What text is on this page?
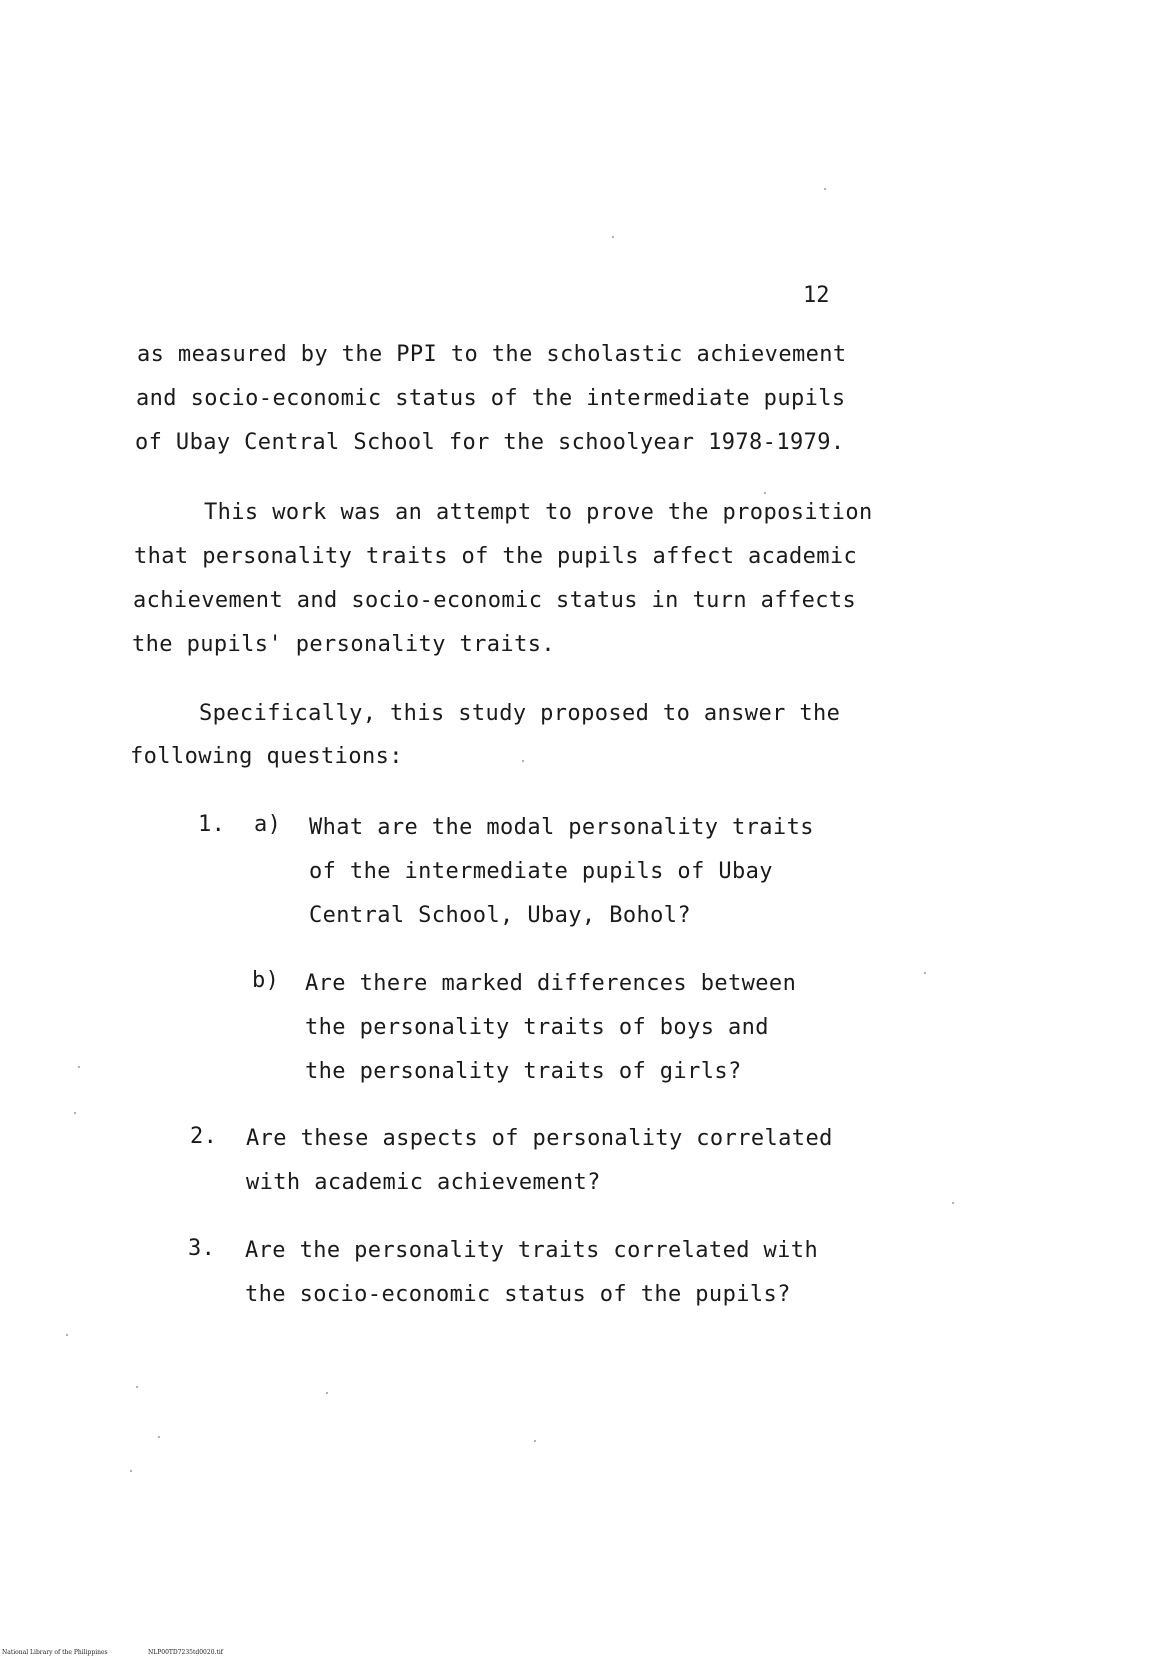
12
as measured by the PPI to the scholastic achievement
and socio-economic status of the intermediate pupils
of Ubay Central School for the schoolyear 1978-1979.
This work was an attempt to prove the proposition
that personality traits of the pupils affect academic
achievement and socio-economic status in turn affects
the pupils' personality traits.
Specifically, this study proposed to answer the
following questions:
1. a) What are the modal personality traits
of the intermediate pupils of Ubay
Central School, Ubay, Bohol?
b) Are there marked differences between
the personality traits of boys and
the personality traits of girls?
2. Are these aspects of personality correlated
with academic achievement?
3. Are the personality traits correlated with
the socio-economic status of the pupils?
National Library of the Philippines	NLP00TD7235td0020.tif
